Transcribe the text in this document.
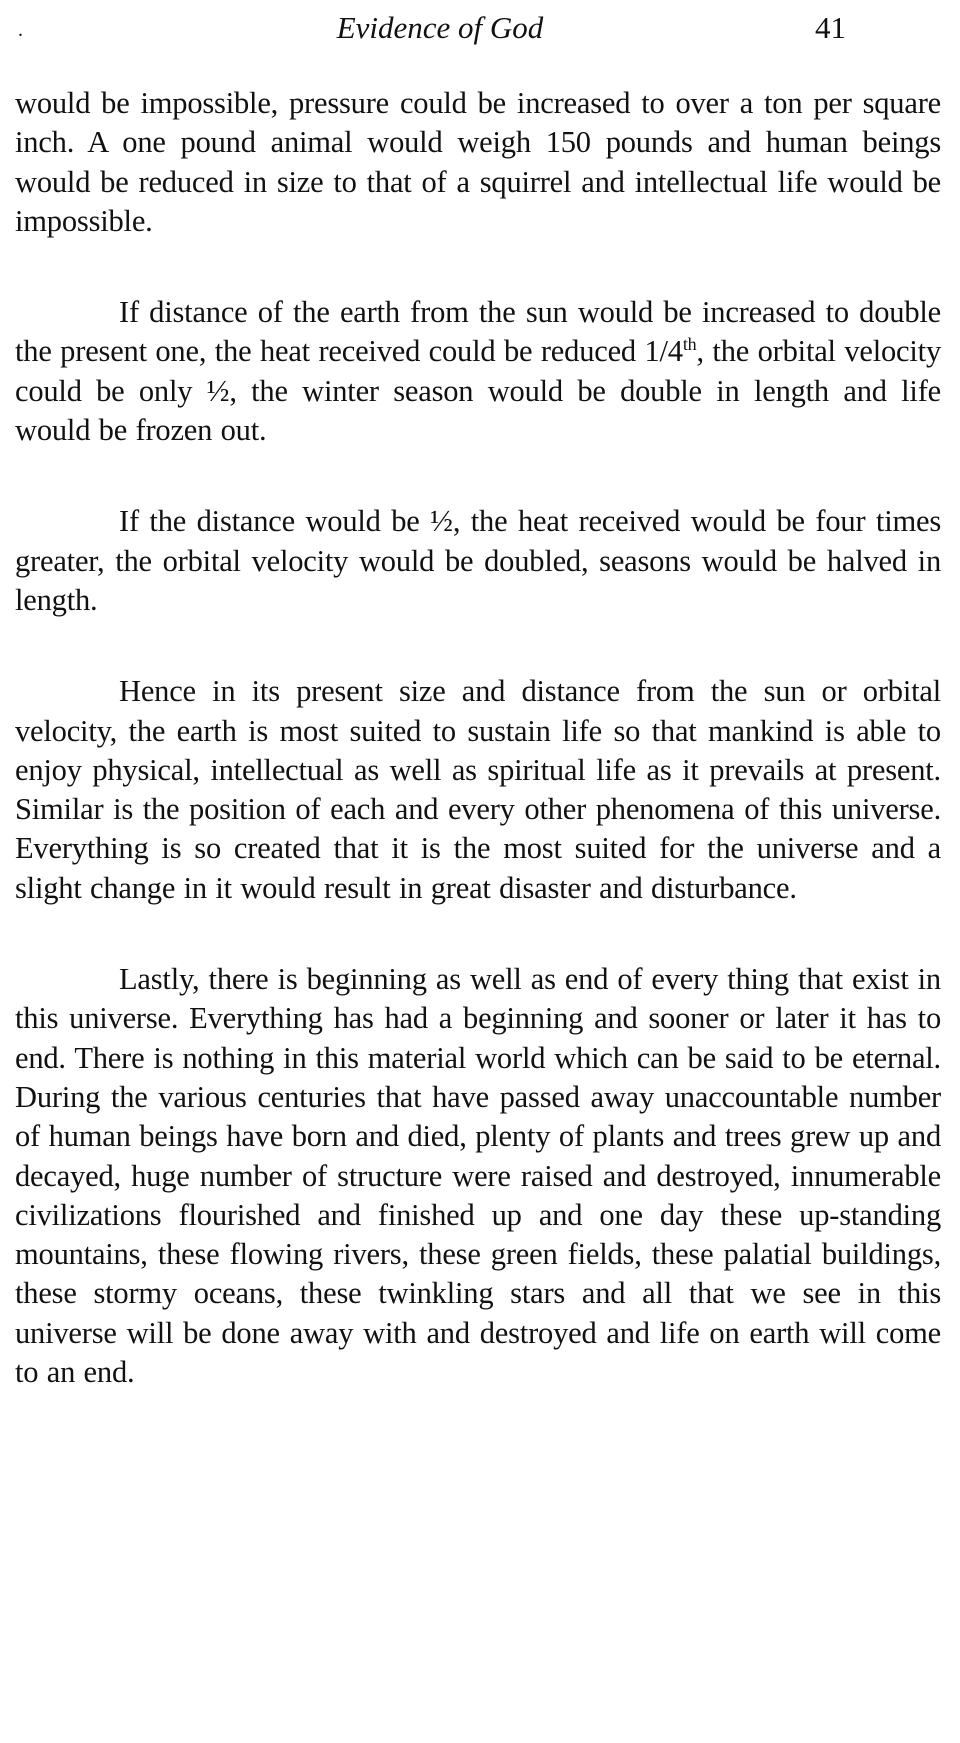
.	Evidence of God	41

would be impossible, pressure could be increased to over a ton per square inch. A one pound animal would weigh 150 pounds and human beings would be reduced in size to that of a squirrel and intellectual life would be impossible.

If distance of the earth from the sun would be increased to double the present one, the heat received could be reduced 1/4th, the orbital velocity could be only ½, the winter season would be double in length and life would be frozen out.

If the distance would be ½, the heat received would be four times greater, the orbital velocity would be doubled, seasons would be halved in length.

Hence in its present size and distance from the sun or orbital velocity, the earth is most suited to sustain life so that mankind is able to enjoy physical, intellectual as well as spiritual life as it prevails at present. Similar is the position of each and every other phenomena of this universe. Everything is so created that it is the most suited for the universe and a slight change in it would result in great disaster and disturbance.

Lastly, there is beginning as well as end of every thing that exist in this universe. Everything has had a beginning and sooner or later it has to end. There is nothing in this material world which can be said to be eternal. During the various centuries that have passed away unaccountable number of human beings have born and died, plenty of plants and trees grew up and decayed, huge number of structure were raised and destroyed, innumerable civilizations flourished and finished up and one day these up-standing mountains, these flowing rivers, these green fields, these palatial buildings, these stormy oceans, these twinkling stars and all that we see in this universe will be done away with and destroyed and life on earth will come to an end.
